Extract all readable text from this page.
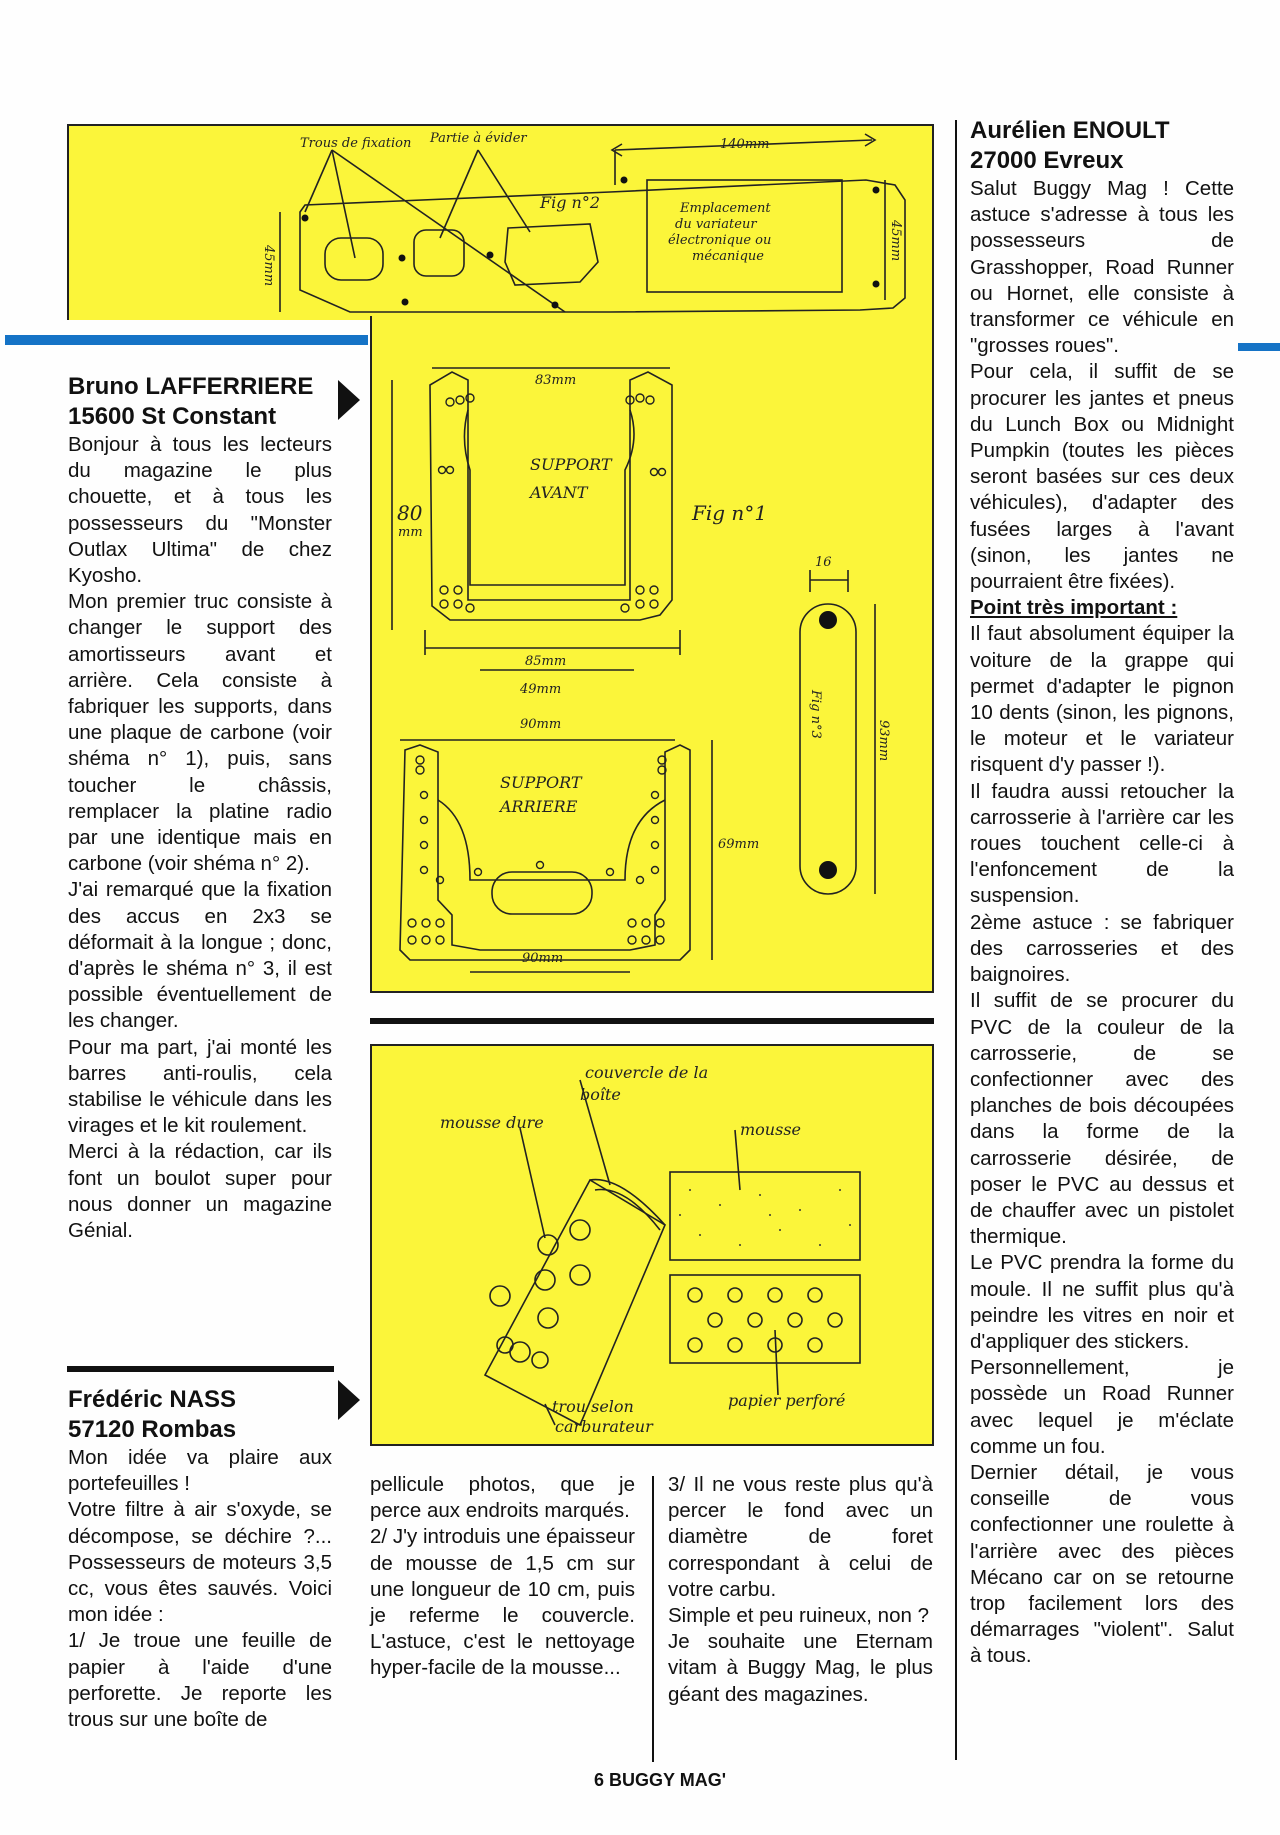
Trous de fixation Partie à évider	140mm
Fig n°2
45mm
45mm
Emplacement
du variateur
électronique ou
mécanique
83mm
SUPPORT
AVANT
80
mm
Fig n°1
85mm
49mm
90mm
SUPPORT
ARRIERE
69mm
90mm
16
Fig n°3
93mm
couvercle de la
boîte
mousse dure	mousse
trou selon
carburateur
papier perforé

Bruno LAFFERRIERE

15600 St Constant

Bonjour à tous les lecteurs du magazine le plus chouette, et à tous les possesseurs du "Monster Outlax Ultima" de chez Kyosho.

Mon premier truc consiste à changer le support des amortisseurs avant et arrière. Cela consiste à fabriquer les supports, dans une plaque de carbone (voir shéma n° 1), puis, sans toucher le châssis, remplacer la platine radio par une identique mais en carbone (voir shéma n° 2).

J'ai remarqué que la fixation des accus en 2x3 se déformait à la longue ; donc, d'après le shéma n° 3, il est possible éventuellement de les changer.

Pour ma part, j'ai monté les barres anti-roulis, cela stabilise le véhicule dans les virages et le kit roulement.

Merci à la rédaction, car ils font un boulot super pour nous donner un magazine Génial.

Frédéric NASS

57120 Rombas

Mon idée va plaire aux portefeuilles !

Votre filtre à air s'oxyde, se décompose, se déchire ?... Possesseurs de moteurs 3,5 cc, vous êtes sauvés. Voici mon idée :

1/ Je troue une feuille de papier à l'aide d'une perforette. Je reporte les trous sur une boîte de

pellicule photos, que je perce aux endroits marqués.

2/ J'y introduis une épaisseur de mousse de 1,5 cm sur une longueur de 10 cm, puis je referme le couvercle. L'astuce, c'est le nettoyage hyper-facile de la mousse...

3/ Il ne vous reste plus qu'à percer le fond avec un diamètre de foret correspondant à celui de votre carbu.

Simple et peu ruineux, non ?

Je souhaite une Eternam vitam à Buggy Mag, le plus géant des magazines.

Aurélien ENOULT

27000 Evreux

Salut Buggy Mag ! Cette astuce s'adresse à tous les possesseurs de Grasshopper, Road Runner ou Hornet, elle consiste à transformer ce véhicule en "grosses roues".

Pour cela, il suffit de se procurer les jantes et pneus du Lunch Box ou Midnight Pumpkin (toutes les pièces seront basées sur ces deux véhicules), d'adapter des fusées larges à l'avant (sinon, les jantes ne pourraient être fixées).

Point très important :

Il faut absolument équiper la voiture de la grappe qui permet d'adapter le pignon 10 dents (sinon, les pignons, le moteur et le variateur risquent d'y passer !).

Il faudra aussi retoucher la carrosserie à l'arrière car les roues touchent celle-ci à l'enfoncement de la suspension.

2ème astuce : se fabriquer des carrosseries et des baignoires.

Il suffit de se procurer du PVC de la couleur de la carrosserie, de se confectionner avec des planches de bois découpées dans la forme de la carrosserie désirée, de poser le PVC au dessus et de chauffer avec un pistolet thermique.

Le PVC prendra la forme du moule. Il ne suffit plus qu'à peindre les vitres en noir et d'appliquer des stickers.

Personnellement, je possède un Road Runner avec lequel je m'éclate comme un fou.

Dernier détail, je vous conseille de vous confectionner une roulette à l'arrière avec des pièces Mécano car on se retourne trop facilement lors des démarrages "violent". Salut à tous.

6 BUGGY MAG'
